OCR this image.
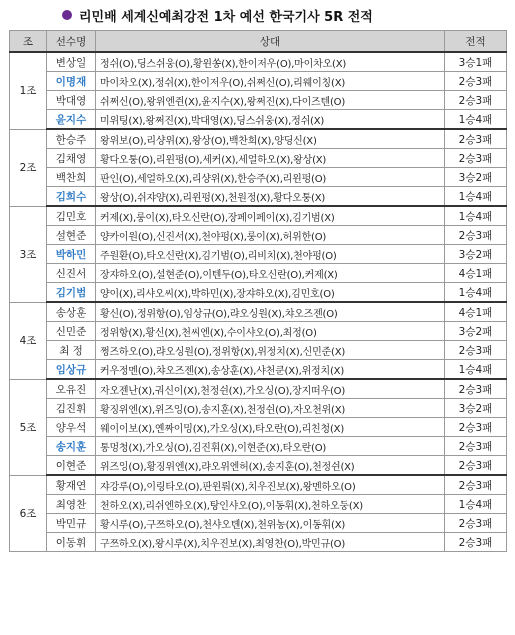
리민배 세계신예최강전 1차 예선 한국기사 5R 전적
조	선수명	상대	전적
1조	변상일	정쉬(O),딩스쉬웅(O),황윈쏭(X),한이저우(O),마이차오(X)	3승1패
	이명재	마이차오(X),정쉬(X),한이저우(O),쉬쩌신(O),리웨이칭(X)	2승3패
	박대영	쉬쩌신(O),왕위엔쥔(X),윤지수(X),왕쩌진(X),다이즈텐(O)	2승3패
	윤지수	미위팅(X),왕쩌진(X),박대영(X),딩스쉬웅(X),정쉬(X)	1승4패
2조	한승주	왕위보(O),리샹위(X),왕상(O),백찬희(X),양딩신(X)	2승3패
	김채영	황다오퉁(O),리윈펑(O),세커(X),세얼하오(X),왕상(X)	2승3패
	백찬희	판인(O),세얼하오(X),리샹위(X),한승주(X),리윈펑(O)	3승2패
	김희수	왕상(O),쉬쟈양(X),리윈펑(X),천원정(X),황다오퉁(X)	1승4패
3조	김민호	커제(X),룽이(X),타오신란(O),장페이페이(X),김기범(X)	1승4패
	설현준	양카이원(O),신진서(X),천야펑(X),룽이(X),허위한(O)	2승3패
	박하민	주원환(O),타오신란(X),김기범(O),리비치(X),천야펑(O)	3승2패
	신진서	장쟈하오(O),설현준(O),이텐두(O),타오신란(O),커제(X)	4승1패
	김기범	양이(X),리샤오씨(X),박하민(X),장쟈하오(X),김민호(O)	1승4패
4조	송상훈	황신(O),정위항(O),임상규(O),랴오싱원(X),챠오즈젠(O)	4승1패
	신민준	정위항(X),황신(X),천씨엔(X),수이샤오(O),최정(O)	3승2패
	최 정	쩡즈하오(O),랴오싱원(O),정위항(X),위정치(X),신민준(X)	2승3패
	임상규	커우정멘(O),챠오즈젠(X),송상훈(X),샤천쿤(X),위정치(X)	1승4패
5조	오유진	자오젠난(X),궈신이(X),천정쉰(X),가오싱(O),장지떠우(O)	2승3패
	김진휘	황징위엔(X),위즈잉(O),송지훈(X),천정쉰(O),자오천위(X)	3승2패
	양우석	웨이이보(X),옌짜이밍(X),가오싱(X),타오란(O),리친청(X)	2승3패
	송지훈	통멍청(X),가오싱(O),김진휘(X),이현준(X),타오란(O)	2승3패
	이현준	위즈잉(O),황징위엔(X),랴오위엔허(X),송지훈(O),천정쉰(X)	2승3패
6조	황재연	쟈강루(O),이링타오(O),판윈뤄(X),치우진보(X),왕멘하오(O)	2승3패
	최영찬	천하오(X),리쉬엔하오(X),탕인샤오(O),이동휘(X),천하오둥(X)	1승4패
	박민규	황시루(O),구쯔하오(O),천샤오톈(X),천위농(X),이동휘(X)	2승3패
	이동휘	구쯔하오(X),왕시루(X),치우진보(X),최영찬(O),박민규(O)	2승3패
